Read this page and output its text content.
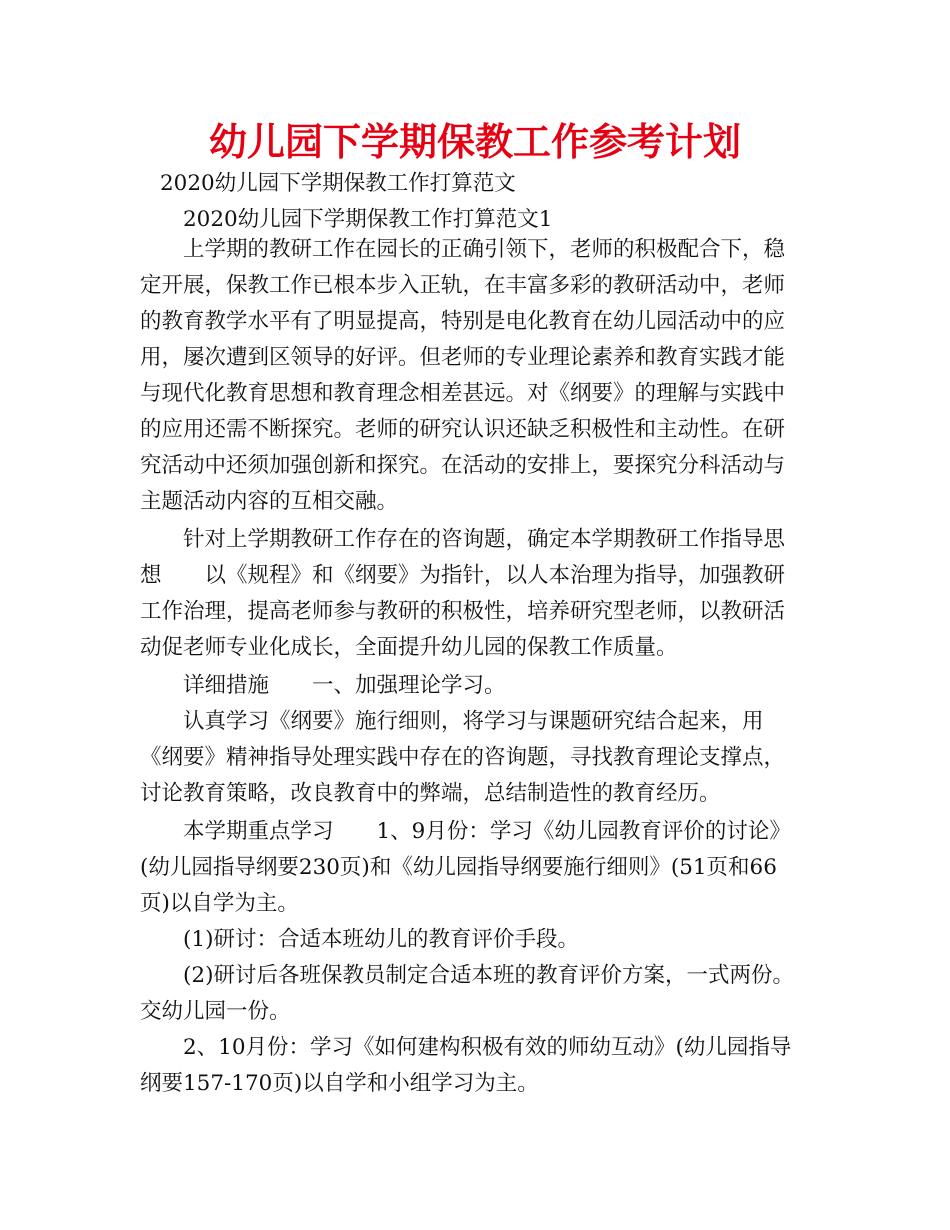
幼儿园下学期保教工作参考计划
2020幼儿园下学期保教工作打算范文
2020幼儿园下学期保教工作打算范文1
上学期的教研工作在园长的正确引领下，老师的积极配合下，稳
定开展，保教工作已根本步入正轨，在丰富多彩的教研活动中，老师
的教育教学水平有了明显提高，特别是电化教育在幼儿园活动中的应
用，屡次遭到区领导的好评。但老师的专业理论素养和教育实践才能
与现代化教育思想和教育理念相差甚远。对《纲要》的理解与实践中
的应用还需不断探究。老师的研究认识还缺乏积极性和主动性。在研
究活动中还须加强创新和探究。在活动的安排上，要探究分科活动与
主题活动内容的互相交融。
针对上学期教研工作存在的咨询题，确定本学期教研工作指导思
想　　以《规程》和《纲要》为指针，以人本治理为指导，加强教研
工作治理，提高老师参与教研的积极性，培养研究型老师，以教研活
动促老师专业化成长，全面提升幼儿园的保教工作质量。
详细措施　　一、加强理论学习。
认真学习《纲要》施行细则，将学习与课题研究结合起来，用
《纲要》精神指导处理实践中存在的咨询题，寻找教育理论支撑点，
讨论教育策略，改良教育中的弊端，总结制造性的教育经历。
本学期重点学习　　1、9月份：学习《幼儿园教育评价的讨论》
(幼儿园指导纲要230页)和《幼儿园指导纲要施行细则》(51页和66
页)以自学为主。
(1)研讨：合适本班幼儿的教育评价手段。
(2)研讨后各班保教员制定合适本班的教育评价方案，一式两份。
交幼儿园一份。
2、10月份：学习《如何建构积极有效的师幼互动》(幼儿园指导
纲要157-170页)以自学和小组学习为主。
